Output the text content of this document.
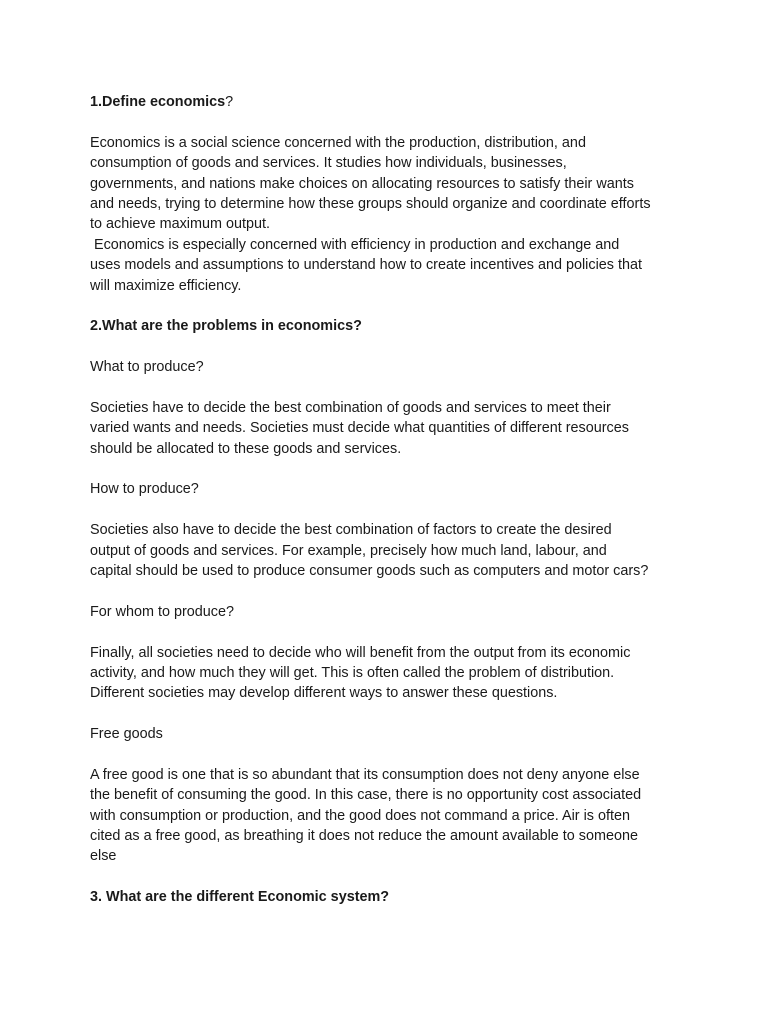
1.Define economics?
Economics is a social science concerned with the production, distribution, and
consumption of goods and services. It studies how individuals, businesses,
governments, and nations make choices on allocating resources to satisfy their wants
and needs, trying to determine how these groups should organize and coordinate efforts
to achieve maximum output.
Economics is especially concerned with efficiency in production and exchange and
uses models and assumptions to understand how to create incentives and policies that
will maximize efficiency.
2.What are the problems in economics?
What to produce?
Societies have to decide the best combination of goods and services to meet their
varied wants and needs. Societies must decide what quantities of different resources
should be allocated to these goods and services.
How to produce?
Societies also have to decide the best combination of factors to create the desired
output of goods and services. For example, precisely how much land, labour, and
capital should be used to produce consumer goods such as computers and motor cars?
For whom to produce?
Finally, all societies need to decide who will benefit from the output from its economic
activity, and how much they will get. This is often called the problem of distribution.
Different societies may develop different ways to answer these questions.
Free goods
A free good is one that is so abundant that its consumption does not deny anyone else
the benefit of consuming the good. In this case, there is no opportunity cost associated
with consumption or production, and the good does not command a price. Air is often
cited as a free good, as breathing it does not reduce the amount available to someone
else
3. What are the different Economic system?
